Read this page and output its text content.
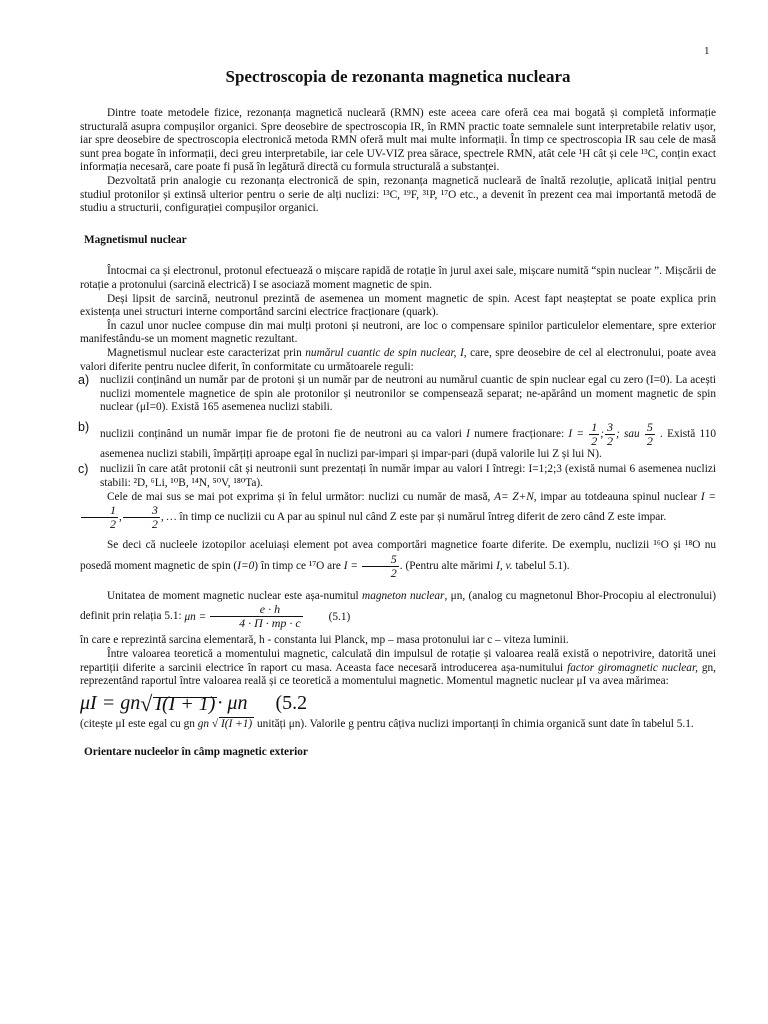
1
Spectroscopia de rezonanta magnetica nucleara

Dintre toate metodele fizice, rezonanța magnetică nucleară (RMN) este aceea care oferă cea mai bogată și completă informație structurală asupra compușilor organici. Spre deosebire de spectroscopia IR, în RMN practic toate semnalele sunt interpretabile relativ ușor, iar spre deosebire de spectroscopia electronică metoda RMN oferă mult mai multe informații. În timp ce spectroscopia IR sau cele de masă sunt prea bogate în informații, deci greu interpretabile, iar cele UV-VIZ prea sărace, spectrele RMN, atât cele ¹H cât și cele ¹³C, conțin exact informația necesară, care poate fi pusă în legătură directă cu formula structurală a substanței.

Dezvoltată prin analogie cu rezonanța electronică de spin, rezonanța magnetică nucleară de înaltă rezoluție, aplicată inițial pentru studiul protonilor și extinsă ulterior pentru o serie de alți nuclizi: ¹³C, ¹⁹F, ³¹P, ¹⁷O etc., a devenit în prezent cea mai importantă metodă de studiu a structurii, configurației compușilor organici.

Magnetismul nuclear

Întocmai ca și electronul, protonul efectuează o mișcare rapidă de rotație în jurul axei sale, mișcare numită “spin nuclear ”. Mișcării de rotație a protonului (sarcină electrică) I se asociază moment magnetic de spin.

Deși lipsit de sarcină, neutronul prezintă de asemenea un moment magnetic de spin. Acest fapt neașteptat se poate explica prin existența unei structuri interne comportând sarcini electrice fracționare (quark).

În cazul unor nuclee compuse din mai mulți protoni și neutroni, are loc o compensare spinilor particulelor elementare, spre exterior manifestându-se un moment magnetic rezultant.

Magnetismul nuclear este caracterizat prin numărul cuantic de spin nuclear, I, care, spre deosebire de cel al electronului, poate avea valori diferite pentru nuclee diferit, în conformitate cu următoarele reguli:

a) nuclizii conținând un număr par de protoni și un număr par de neutroni au numărul cuantic de spin nuclear egal cu zero (I=0). La acești nuclizi momentele magnetice de spin ale protonilor și neutronilor se compensează separat; ne-apărând un moment magnetic de spin nuclear (μI=0). Există 165 asemenea nuclizi stabili.
b)
nuclizii conținând un număr impar fie de protoni fie de neutroni au ca valori I numere fracționare: $I = \frac{1}{2}$ ; $\frac{3}{2}$ ; sau $\frac{5}{2}$ . Există 110 asemenea nuclizi stabili, împărțiți aproape egal în nuclizi par-impari și impar-pari (după valorile lui Z și lui N).
c) nuclizii în care atât protonii cât și neutronii sunt prezentați în număr impar au valori I întregi: I=1;2;3 (există numai 6 asemenea nuclizi stabili: ²D, ⁶Li, ¹⁰B, ¹⁴N, ⁵⁰V, ¹⁸⁰Ta).

Cele de mai sus se mai pot exprima și în felul următor: nuclizi cu număr de masă, A= Z+N, impar au totdeauna spinul nuclear I =
$\frac{1}{2}$ , $\frac{3}{2}$ , … în timp ce nuclizii cu A par au spinul nul când Z este par și numărul întreg diferit de zero când Z este impar.

Se deci că nucleele izotopilor aceluiași element pot avea comportări magnetice foarte diferite. De exemplu, nuclizii ¹⁶O și ¹⁸O nu posedă moment magnetic de spin (I=0) în timp ce ¹⁷O are $I = \frac{5}{2}$ . (Pentru alte mărimi I, v. tabelul 5.1).

Unitatea de moment magnetic nuclear este așa-numitul magneton nuclear, μn, (analog cu magnetonul Bhor-Procopiu al electronului) definit prin relația 5.1: $\mu n = \frac{e \cdot h}{4 \cdot \Pi \cdot mp \cdot c} (5.1)$

în care e reprezintă sarcina elementară, h - constanta lui Planck, mp – masa protonului iar c – viteza luminii.

Între valoarea teoretică a momentului magnetic, calculată din impulsul de rotație și valoarea reală există o nepotrivire, datorită unei repartiții diferite a sarcinii electrice în raport cu masa. Aceasta face necesară introducerea așa-numitului factor giromagnetic nuclear, gn, reprezentând raportul între valoarea reală și ce teoretică a momentului magnetic. Momentul magnetic nuclear μI va avea mărimea:

μI = gn √ I(I + 1) · μn (5.2

(citește μI este egal cu gn gn √ I(I +1) unități μn). Valorile g pentru câțiva nuclizi importanți în chimia organică sunt date în tabelul 5.1.

Orientare nucleelor în câmp magnetic exterior
